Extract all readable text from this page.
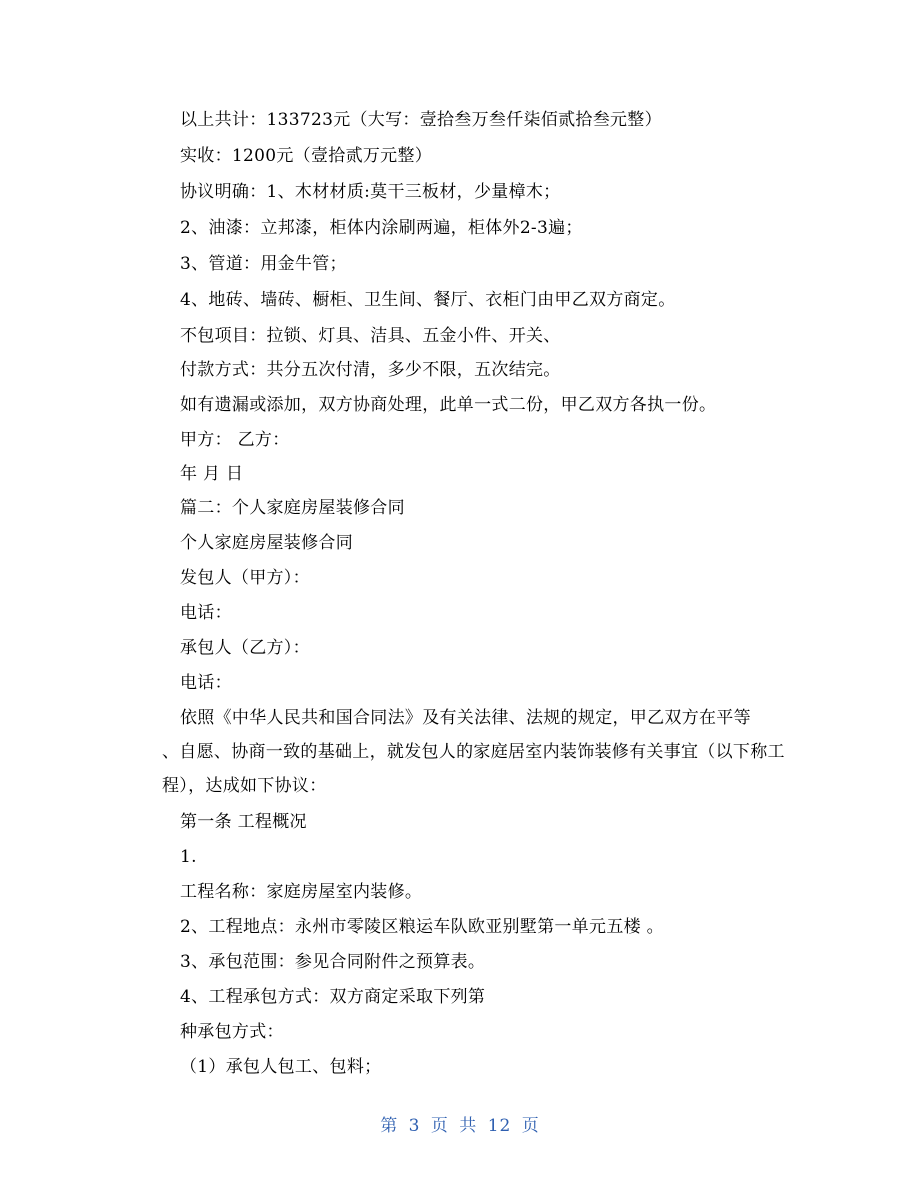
以上共计：133723元（大写：壹拾叁万叁仟柒佰贰拾叁元整）
实收：1200元（壹拾贰万元整）
协议明确：1、木材材质:莫干三板材，少量樟木；
2、油漆：立邦漆，柜体内涂刷两遍，柜体外2-3遍；
3、管道：用金牛管；
4、地砖、墙砖、橱柜、卫生间、餐厅、衣柜门由甲乙双方商定。
不包项目：拉锁、灯具、洁具、五金小件、开关、
付款方式：共分五次付清，多少不限，五次结完。
如有遗漏或添加，双方协商处理，此单一式二份，甲乙双方各执一份。
甲方： 乙方：
年 月 日
篇二：个人家庭房屋装修合同
个人家庭房屋装修合同
发包人（甲方）：
电话：
承包人（乙方）：
电话：
依照《中华人民共和国合同法》及有关法律、法规的规定，甲乙双方在平等
、自愿、协商一致的基础上，就发包人的家庭居室内装饰装修有关事宜（以下称工
程），达成如下协议：
第一条 工程概况
1.
工程名称：家庭房屋室内装修。
2、工程地点：永州市零陵区粮运车队欧亚别墅第一单元五楼 。
3、承包范围：参见合同附件之预算表。
4、工程承包方式：双方商定采取下列第
种承包方式：
（1）承包人包工、包料；
第 3 页 共 12 页
